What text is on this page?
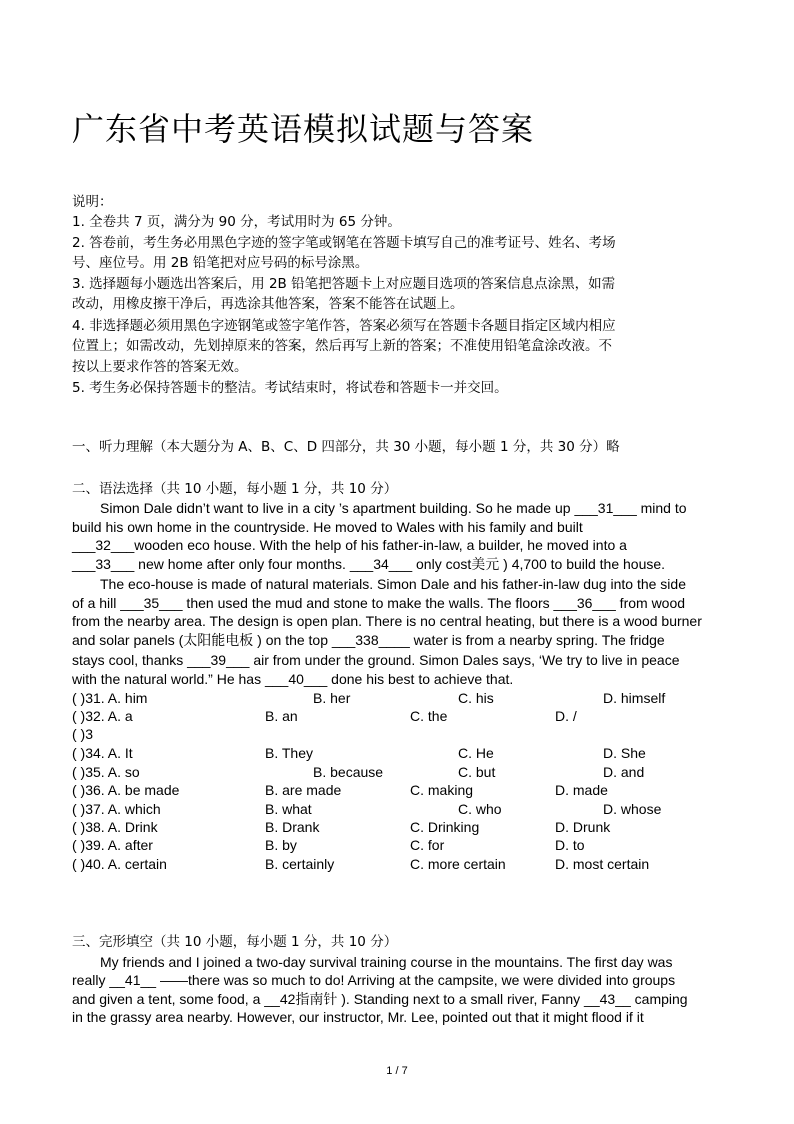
广东省中考英语模拟试题与答案
说明：
1. 全卷共 7 页，满分为 90 分，考试用时为 65 分钟。
2. 答卷前，考生务必用黑色字迹的签字笔或钢笔在答题卡填写自己的准考证号、姓名、考场
号、座位号。用 2B 铅笔把对应号码的标号涂黑。
3. 选择题每小题选出答案后，用 2B 铅笔把答题卡上对应题目选项的答案信息点涂黑，如需
改动，用橡皮擦干净后，再选涂其他答案，答案不能答在试题上。
4. 非选择题必须用黑色字迹钢笔或签字笔作答，答案必须写在答题卡各题目指定区域内相应
位置上；如需改动，先划掉原来的答案，然后再写上新的答案；不准使用铅笔盒涂改液。不
按以上要求作答的答案无效。
5. 考生务必保持答题卡的整洁。考试结束时，将试卷和答题卡一并交回。
一、听力理解（本大题分为 A、B、C、D 四部分，共 30 小题，每小题 1 分，共 30 分）略
二、语法选择（共 10 小题，每小题 1 分，共 10 分）
Simon Dale didn’t want to live in a city ’s apartment building. So he made up ___31___ mind to
build his own home in the countryside. He moved to Wales with his family and built
___32___wooden eco house. With the help of his father-in-law, a builder, he moved into a
___33___ new home after only four months. ___34___ only cost美元 ) 4,700 to build the house.
The eco-house is made of natural materials. Simon Dale and his father-in-law dug into the side
of a hill ___35___ then used the mud and stone to make the walls. The floors ___36___ from wood
from the nearby area. The design is open plan. There is no central heating, but there is a wood burner
and solar panels (太阳能电板 ) on the top ___338____ water is from a nearby spring. The fridge
stays cool, thanks ___39___ air from under the ground. Simon Dales says, ‘We try to live in peace
with the natural world.” He has ___40___ done his best to achieve that.
( )31. A. him	B. her	C. his	D. himself
( )32. A. a	B. an	C. the	D. /
( )3
( )34. A. It	B. They	C. He	D. She
( )35. A. so	B. because	C. but	D. and
( )36. A. be made	B. are made	C. making	D. made
( )37. A. which	B. what	C. who	D. whose
( )38. A. Drink	B. Drank	C. Drinking	D. Drunk
( )39. A. after	B. by	C. for	D. to
( )40. A. certain	B. certainly	C. more certain	D. most certain
三、完形填空（共 10 小题，每小题 1 分，共 10 分）
My friends and I joined a two-day survival training course in the mountains. The first day was
really __41__ ——there was so much to do! Arriving at the campsite, we were divided into groups
and given a tent, some food, a __42指南针 ). Standing next to a small river, Fanny __43__ camping
in the grassy area nearby. However, our instructor, Mr. Lee, pointed out that it might flood if it
1 / 7
